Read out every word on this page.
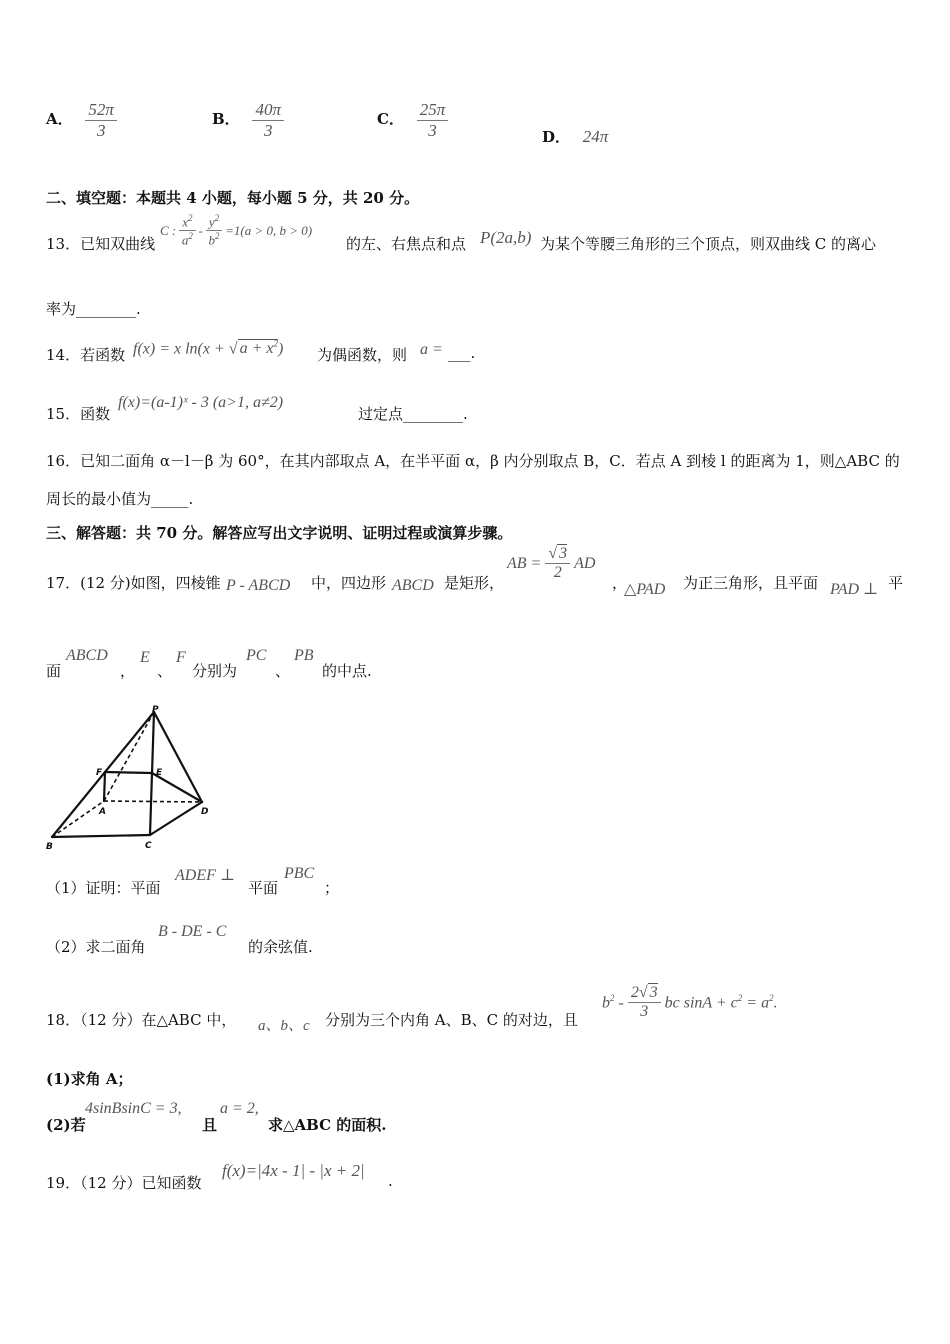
A． $\frac{52\pi}{3}$	B． $\frac{40\pi}{3}$	C． $\frac{25\pi}{3}$	D． 24π
二、填空题：本题共 4 小题，每小题 5 分，共 20 分。
13．已知双曲线
C : $\frac{x^2}{a^2} - \frac{y^2}{b^2} =1(a > 0$, b > 0)
的左、右焦点和点 P(2a,b) 为某个等腰三角形的三个顶点，则双曲线 C 的离心
率为________.
14．若函数 f(x) = x ln(x + √ $a + x^2$) 为偶函数，则 a = ___.
15．函数
f(x)=(a-1)ˣ - 3 (a>1, a≠2)
过定点________.
16．已知二面角 α－l－β 为 60°，在其内部取点 A，在半平面 α，β 内分别取点 B，C．若点 A 到棱 l 的距离为 1，则△ABC 的
周长的最小值为_____.
三、解答题：共 70 分。解答应写出文字说明、证明过程或演算步骤。
17．(12 分)如图，四棱锥 P - ABCD 中，四边形 ABCD 是矩形，
AB = $\frac{√ 3}{2}$ AD
，
△PAD 为正三角形，且平面 PAD ⊥ 平
面
ABCD
，
E
、
F
分别为
PC
、
PB
的中点.
P
F	E
A	D
B	C
（1）证明：平面
ADEF ⊥
平面
PBC
；
（2）求二面角
B - DE - C
的余弦值.
18．（12 分）在△ABC 中， a、b、c 分别为三个内角 A、B、C 的对边，且
$b^2 - \frac{2√ 3}{3}$ bc $\sin A + c^2 = a^2$.
(1)求角 A；
(2)若
4sinBsinC = 3,
且
a = 2,
求△ABC 的面积.
19．（12 分）已知函数
f(x)=|4x - 1| - |x + 2|
.
